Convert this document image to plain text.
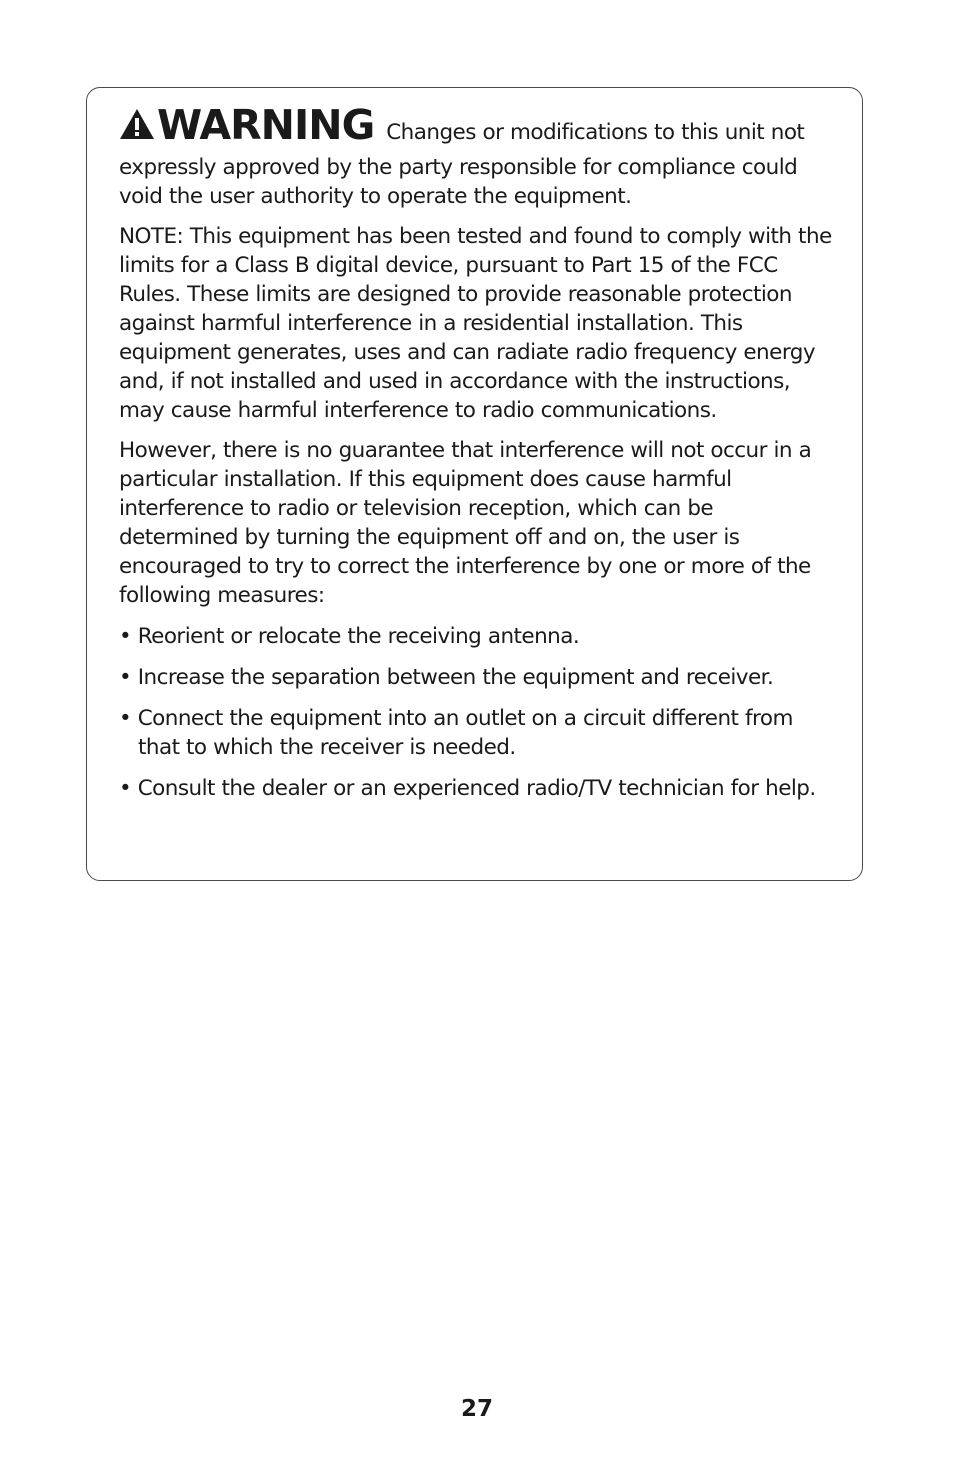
WARNING Changes or modifications to this unit not

expressly approved by the party responsible for compliance could void the user authority to operate the equipment.

NOTE: This equipment has been tested and found to comply with the limits for a Class B digital device, pursuant to Part 15 of the FCC Rules. These limits are designed to provide reasonable protection against harmful interference in a residential installation. This equipment generates, uses and can radiate radio frequency energy and, if not installed and used in accordance with the instructions, may cause harmful interference to radio communications.

However, there is no guarantee that interference will not occur in a particular installation. If this equipment does cause harmful interference to radio or television reception, which can be determined by turning the equipment off and on, the user is encouraged to try to correct the interference by one or more of the following measures:

• Reorient or relocate the receiving antenna.

• Increase the separation between the equipment and receiver.

• Connect the equipment into an outlet on a circuit different from that to which the receiver is needed.

• Consult the dealer or an experienced radio/TV technician for help.

27
